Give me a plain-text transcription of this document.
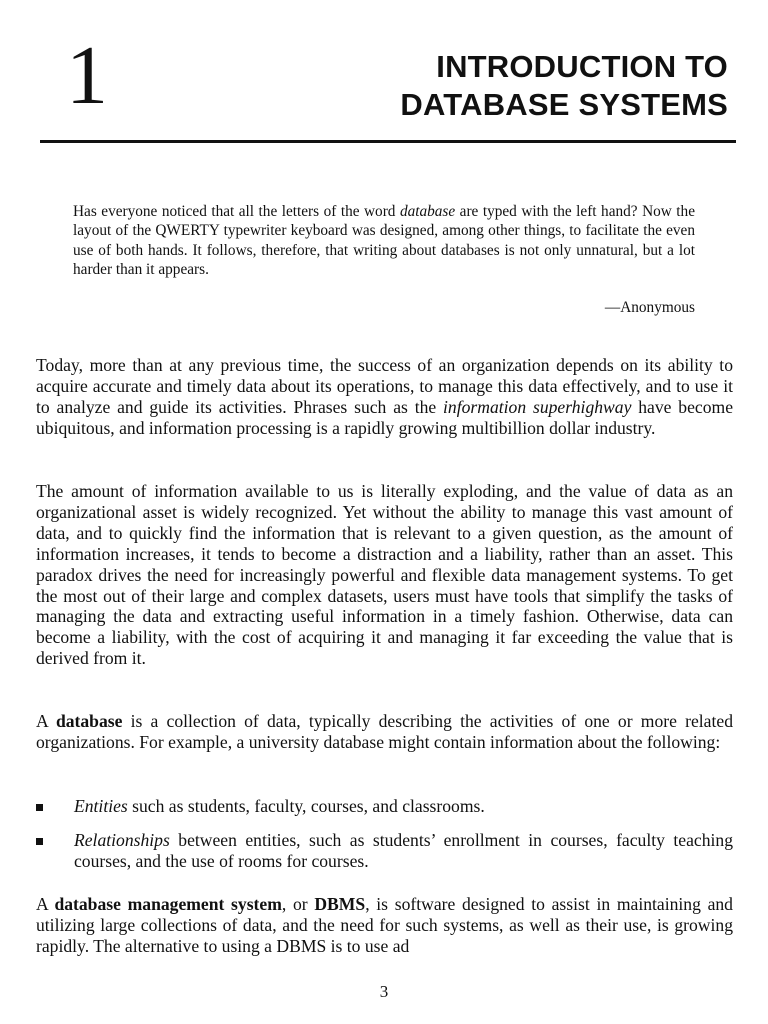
1	INTRODUCTION TO
DATABASE SYSTEMS
Has everyone noticed that all the letters of the word database are typed with the left hand? Now the layout of the QWERTY typewriter keyboard was designed, among other things, to facilitate the even use of both hands. It follows, therefore, that writing about databases is not only unnatural, but a lot harder than it appears.
—Anonymous

Today, more than at any previous time, the success of an organization depends on its ability to acquire accurate and timely data about its operations, to manage this data effectively, and to use it to analyze and guide its activities. Phrases such as the information superhighway have become ubiquitous, and information processing is a rapidly growing multibillion dollar industry.

The amount of information available to us is literally exploding, and the value of data as an organizational asset is widely recognized. Yet without the ability to manage this vast amount of data, and to quickly find the information that is relevant to a given question, as the amount of information increases, it tends to become a distraction and a liability, rather than an asset. This paradox drives the need for increasingly powerful and flexible data management systems. To get the most out of their large and complex datasets, users must have tools that simplify the tasks of managing the data and extracting useful information in a timely fashion. Otherwise, data can become a liability, with the cost of acquiring it and managing it far exceeding the value that is derived from it.

A database is a collection of data, typically describing the activities of one or more related organizations. For example, a university database might contain information about the following:

Entities such as students, faculty, courses, and classrooms.
Relationships between entities, such as students’ enrollment in courses, faculty teaching courses, and the use of rooms for courses.

A database management system, or DBMS, is software designed to assist in maintaining and utilizing large collections of data, and the need for such systems, as well as their use, is growing rapidly. The alternative to using a DBMS is to use ad

3
